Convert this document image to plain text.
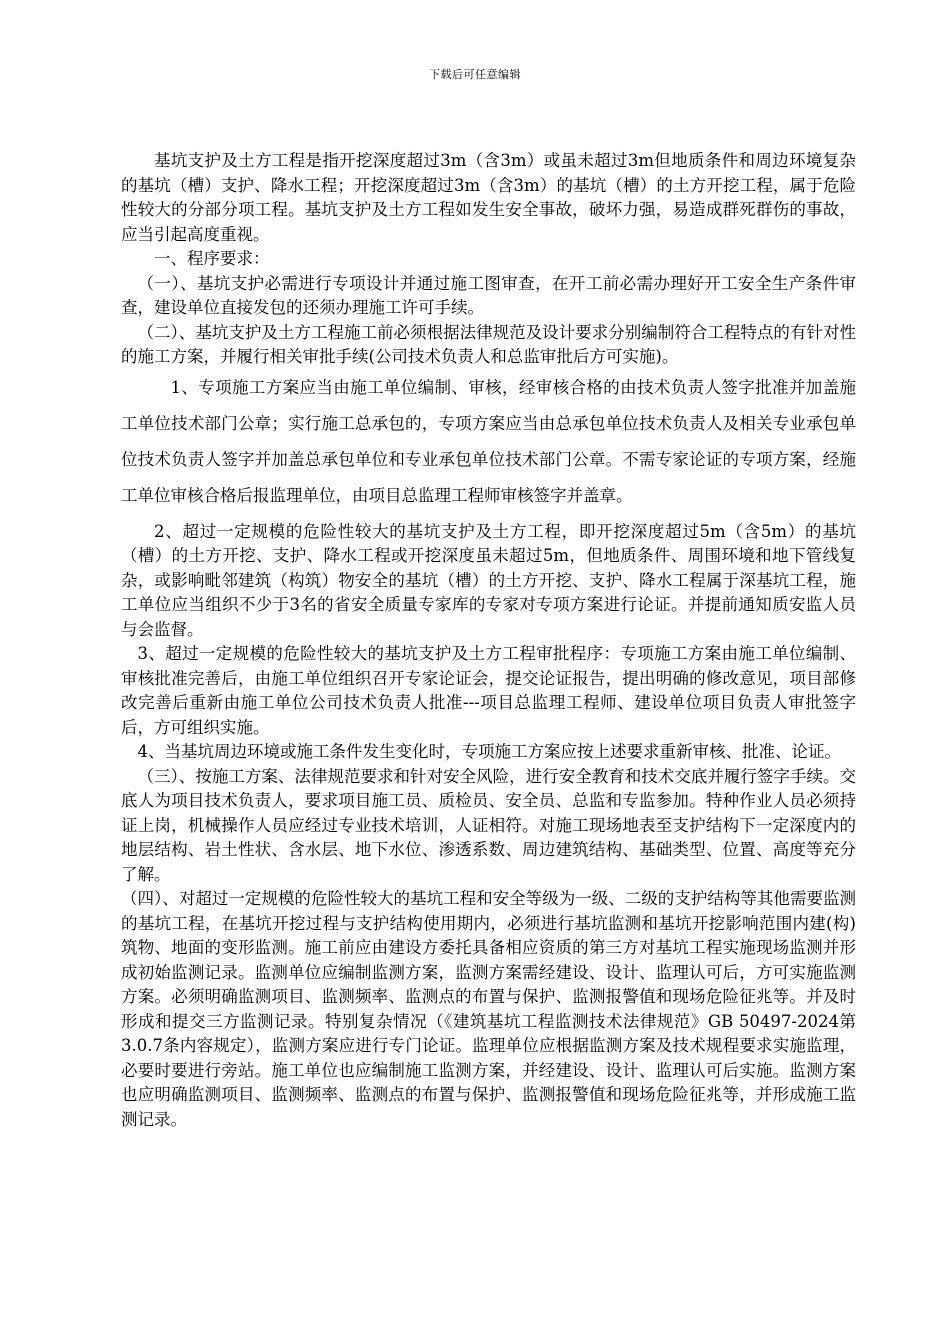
下载后可任意编辑

基坑支护及土方工程是指开挖深度超过3m（含3m）或虽未超过3m但地质条件和周边环境复杂的基坑（槽）支护、降水工程；开挖深度超过3m（含3m）的基坑（槽）的土方开挖工程，属于危险性较大的分部分项工程。基坑支护及土方工程如发生安全事故，破坏力强，易造成群死群伤的事故，应当引起高度重视。

一、程序要求：

（一）、基坑支护必需进行专项设计并通过施工图审查，在开工前必需办理好开工安全生产条件审查，建设单位直接发包的还须办理施工许可手续。

（二）、基坑支护及土方工程施工前必须根据法律规范及设计要求分别编制符合工程特点的有针对性的施工方案，并履行相关审批手续(公司技术负责人和总监审批后方可实施)。

1、专项施工方案应当由施工单位编制、审核，经审核合格的由技术负责人签字批准并加盖施工单位技术部门公章；实行施工总承包的，专项方案应当由总承包单位技术负责人及相关专业承包单位技术负责人签字并加盖总承包单位和专业承包单位技术部门公章。不需专家论证的专项方案，经施工单位审核合格后报监理单位，由项目总监理工程师审核签字并盖章。

2、超过一定规模的危险性较大的基坑支护及土方工程，即开挖深度超过5m（含5m）的基坑（槽）的土方开挖、支护、降水工程或开挖深度虽未超过5m，但地质条件、周围环境和地下管线复杂，或影响毗邻建筑（构筑）物安全的基坑（槽）的土方开挖、支护、降水工程属于深基坑工程，施工单位应当组织不少于3名的省安全质量专家库的专家对专项方案进行论证。并提前通知质安监人员与会监督。

3、超过一定规模的危险性较大的基坑支护及土方工程审批程序：专项施工方案由施工单位编制、审核批准完善后，由施工单位组织召开专家论证会，提交论证报告，提出明确的修改意见，项目部修改完善后重新由施工单位公司技术负责人批准---项目总监理工程师、建设单位项目负责人审批签字后，方可组织实施。

4、当基坑周边环境或施工条件发生变化时，专项施工方案应按上述要求重新审核、批准、论证。

（三）、按施工方案、法律规范要求和针对安全风险，进行安全教育和技术交底并履行签字手续。交底人为项目技术负责人，要求项目施工员、质检员、安全员、总监和专监参加。特种作业人员必须持证上岗，机械操作人员应经过专业技术培训，人证相符。对施工现场地表至支护结构下一定深度内的地层结构、岩土性状、含水层、地下水位、渗透系数、周边建筑结构、基础类型、位置、高度等充分了解。

（四）、对超过一定规模的危险性较大的基坑工程和安全等级为一级、二级的支护结构等其他需要监测的基坑工程，在基坑开挖过程与支护结构使用期内，必须进行基坑监测和基坑开挖影响范围内建(构)筑物、地面的变形监测。施工前应由建设方委托具备相应资质的第三方对基坑工程实施现场监测并形成初始监测记录。监测单位应编制监测方案，监测方案需经建设、设计、监理认可后，方可实施监测方案。必须明确监测项目、监测频率、监测点的布置与保护、监测报警值和现场危险征兆等。并及时形成和提交三方监测记录。特别复杂情况（《建筑基坑工程监测技术法律规范》GB 50497-2024第3.0.7条内容规定），监测方案应进行专门论证。监理单位应根据监测方案及技术规程要求实施监理，必要时要进行旁站。施工单位也应编制施工监测方案，并经建设、设计、监理认可后实施。监测方案也应明确监测项目、监测频率、监测点的布置与保护、监测报警值和现场危险征兆等，并形成施工监测记录。
